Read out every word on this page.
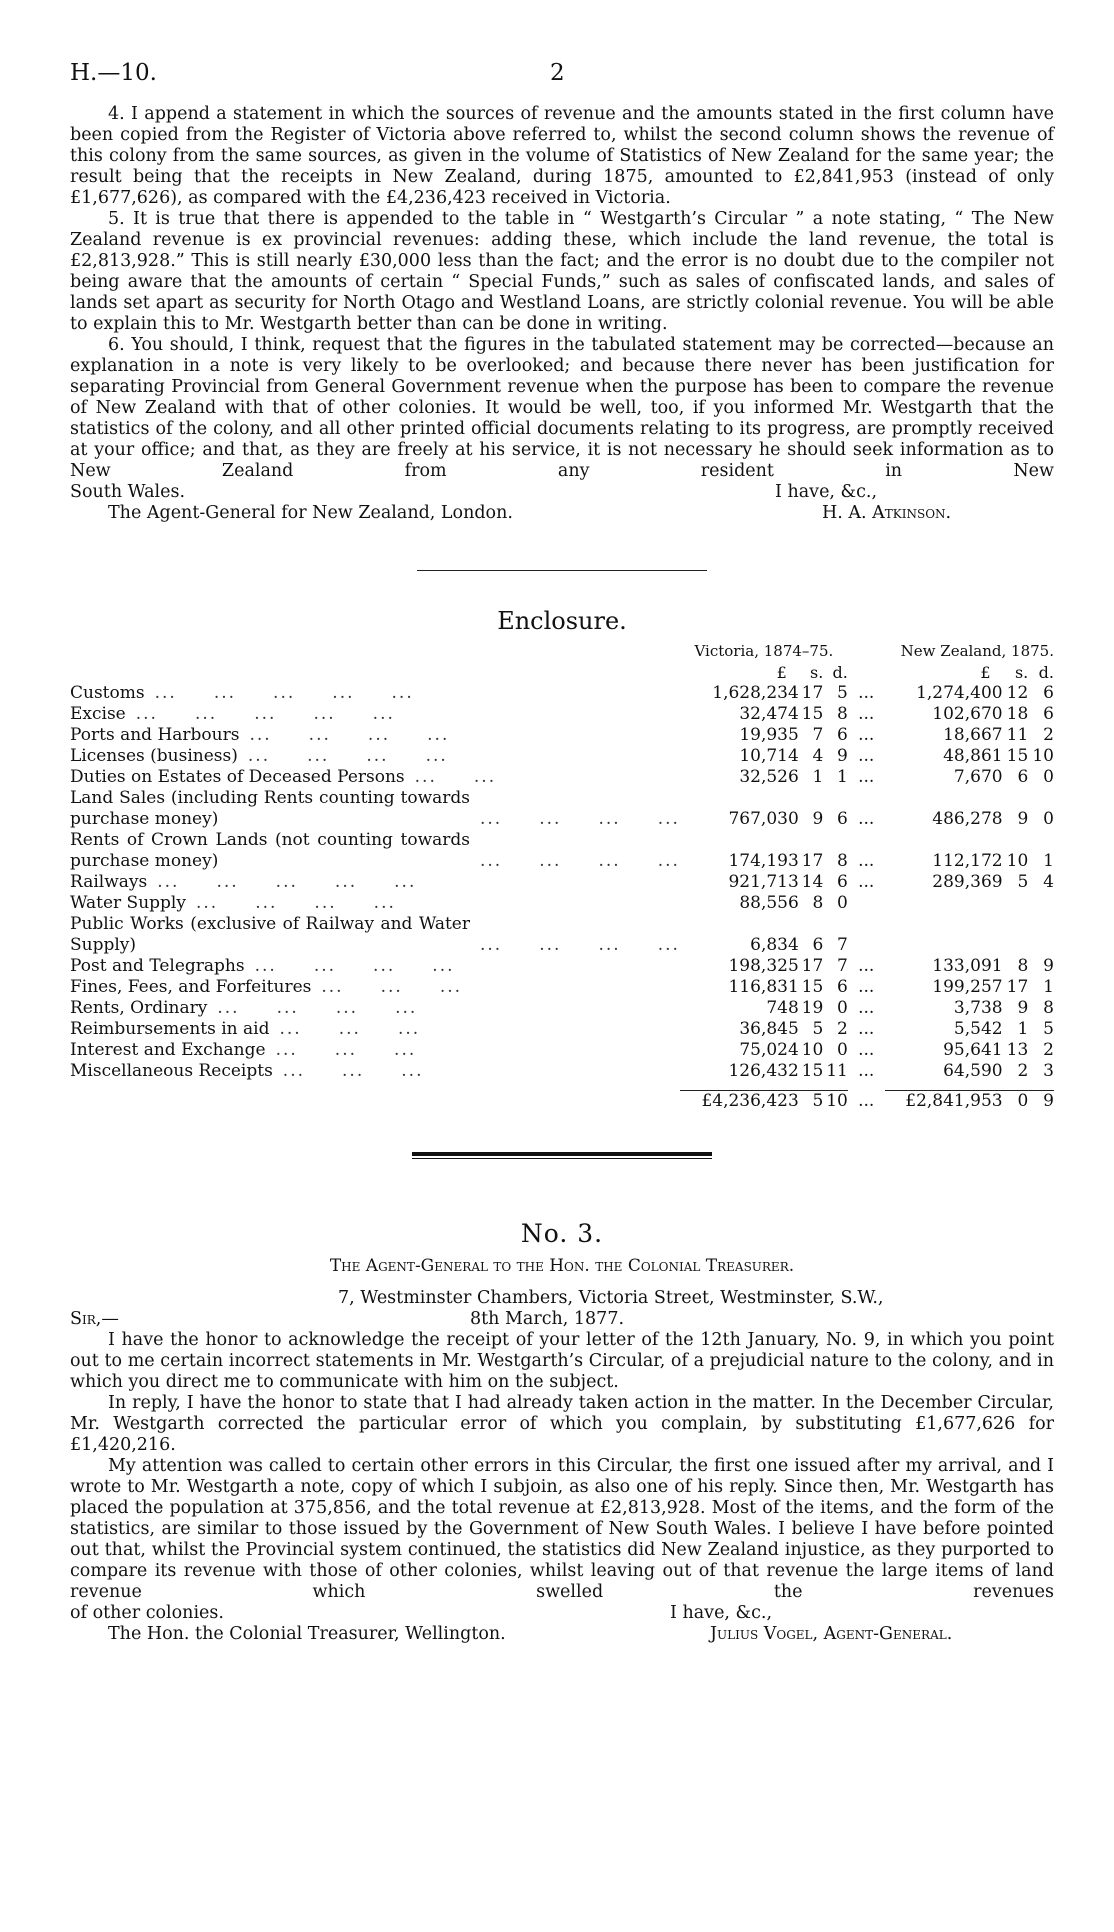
H.—10.	2

4. I append a statement in which the sources of revenue and the amounts stated in the first column have been copied from the Register of Victoria above referred to, whilst the second column shows the revenue of this colony from the same sources, as given in the volume of Statistics of New Zealand for the same year; the result being that the receipts in New Zealand, during 1875, amounted to £2,841,953 (instead of only £1,677,626), as compared with the £4,236,423 received in Victoria.

5. It is true that there is appended to the table in “ Westgarth’s Circular ” a note stating, “ The New Zealand revenue is ex provincial revenues: adding these, which include the land revenue, the total is £2,813,928.” This is still nearly £30,000 less than the fact; and the error is no doubt due to the compiler not being aware that the amounts of certain “ Special Funds,” such as sales of confiscated lands, and sales of lands set apart as security for North Otago and Westland Loans, are strictly colonial revenue. You will be able to explain this to Mr. Westgarth better than can be done in writing.

6. You should, I think, request that the figures in the tabulated statement may be corrected—because an explanation in a note is very likely to be overlooked; and because there never has been justification for separating Provincial from General Government revenue when the purpose has been to compare the revenue of New Zealand with that of other colonies. It would be well, too, if you informed Mr. Westgarth that the statistics of the colony, and all other printed official documents relating to its progress, are promptly received at your office; and that, as they are freely at his service, it is not necessary he should seek information as to New Zealand from any resident in New

South Wales.	I have, &c.,
The Agent-General for New Zealand, London.	H. A. Atkinson.
Enclosure.
	Victoria, 1874–75.				New Zealand, 1875.		
	£	s.	d.		£	s.	d.
Customs ...     ...     ...     ...     ...	1,628,234	17	5	...	1,274,400	12	6
Excise ...     ...     ...     ...     ...	32,474	15	8	...	102,670	18	6
Ports and Harbours ...     ...     ...     ...	19,935	7	6	...	18,667	11	2
Licenses (business) ...     ...     ...     ...	10,714	4	9	...	48,861	15	10
Duties on Estates of Deceased Persons ...     ...	32,526	1	1	...	7,670	6	0
Land Sales (including Rents counting towards purchase money) ...     ...     ...     ...	767,030	9	6	...	486,278	9	0
Rents of Crown Lands (not counting towards purchase money) ...     ...     ...     ...	174,193	17	8	...	112,172	10	1
Railways ...     ...     ...     ...     ...	921,713	14	6	...	289,369	5	4
Water Supply ...     ...     ...     ...	88,556	8	0				
Public Works (exclusive of Railway and Water Supply) ...     ...     ...     ...	6,834	6	7				
Post and Telegraphs ...     ...     ...     ...	198,325	17	7	...	133,091	8	9
Fines, Fees, and Forfeitures ...     ...     ...	116,831	15	6	...	199,257	17	1
Rents, Ordinary ...     ...     ...     ...	748	19	0	...	3,738	9	8
Reimbursements in aid ...     ...     ...	36,845	5	2	...	5,542	1	5
Interest and Exchange ...     ...     ...	75,024	10	0	...	95,641	13	2
Miscellaneous Receipts ...     ...     ...	126,432	15	11	...	64,590	2	3

	£4,236,423	5	10	...	£2,841,953	0	9
No. 3.
The Agent-General to the Hon. the Colonial Treasurer.
7, Westminster Chambers, Victoria Street, Westminster, S.W.,
Sir,—	8th March, 1877.

I have the honor to acknowledge the receipt of your letter of the 12th January, No. 9, in which you point out to me certain incorrect statements in Mr. Westgarth’s Circular, of a prejudicial nature to the colony, and in which you direct me to communicate with him on the subject.

In reply, I have the honor to state that I had already taken action in the matter. In the December Circular, Mr. Westgarth corrected the particular error of which you complain, by substituting £1,677,626 for £1,420,216.

My attention was called to certain other errors in this Circular, the first one issued after my arrival, and I wrote to Mr. Westgarth a note, copy of which I subjoin, as also one of his reply. Since then, Mr. Westgarth has placed the population at 375,856, and the total revenue at £2,813,928. Most of the items, and the form of the statistics, are similar to those issued by the Government of New South Wales. I believe I have before pointed out that, whilst the Provincial system continued, the statistics did New Zealand injustice, as they purported to compare its revenue with those of other colonies, whilst leaving out of that revenue the large items of land revenue which swelled the revenues

of other colonies.	I have, &c.,
The Hon. the Colonial Treasurer, Wellington.	Julius Vogel, Agent-General.
